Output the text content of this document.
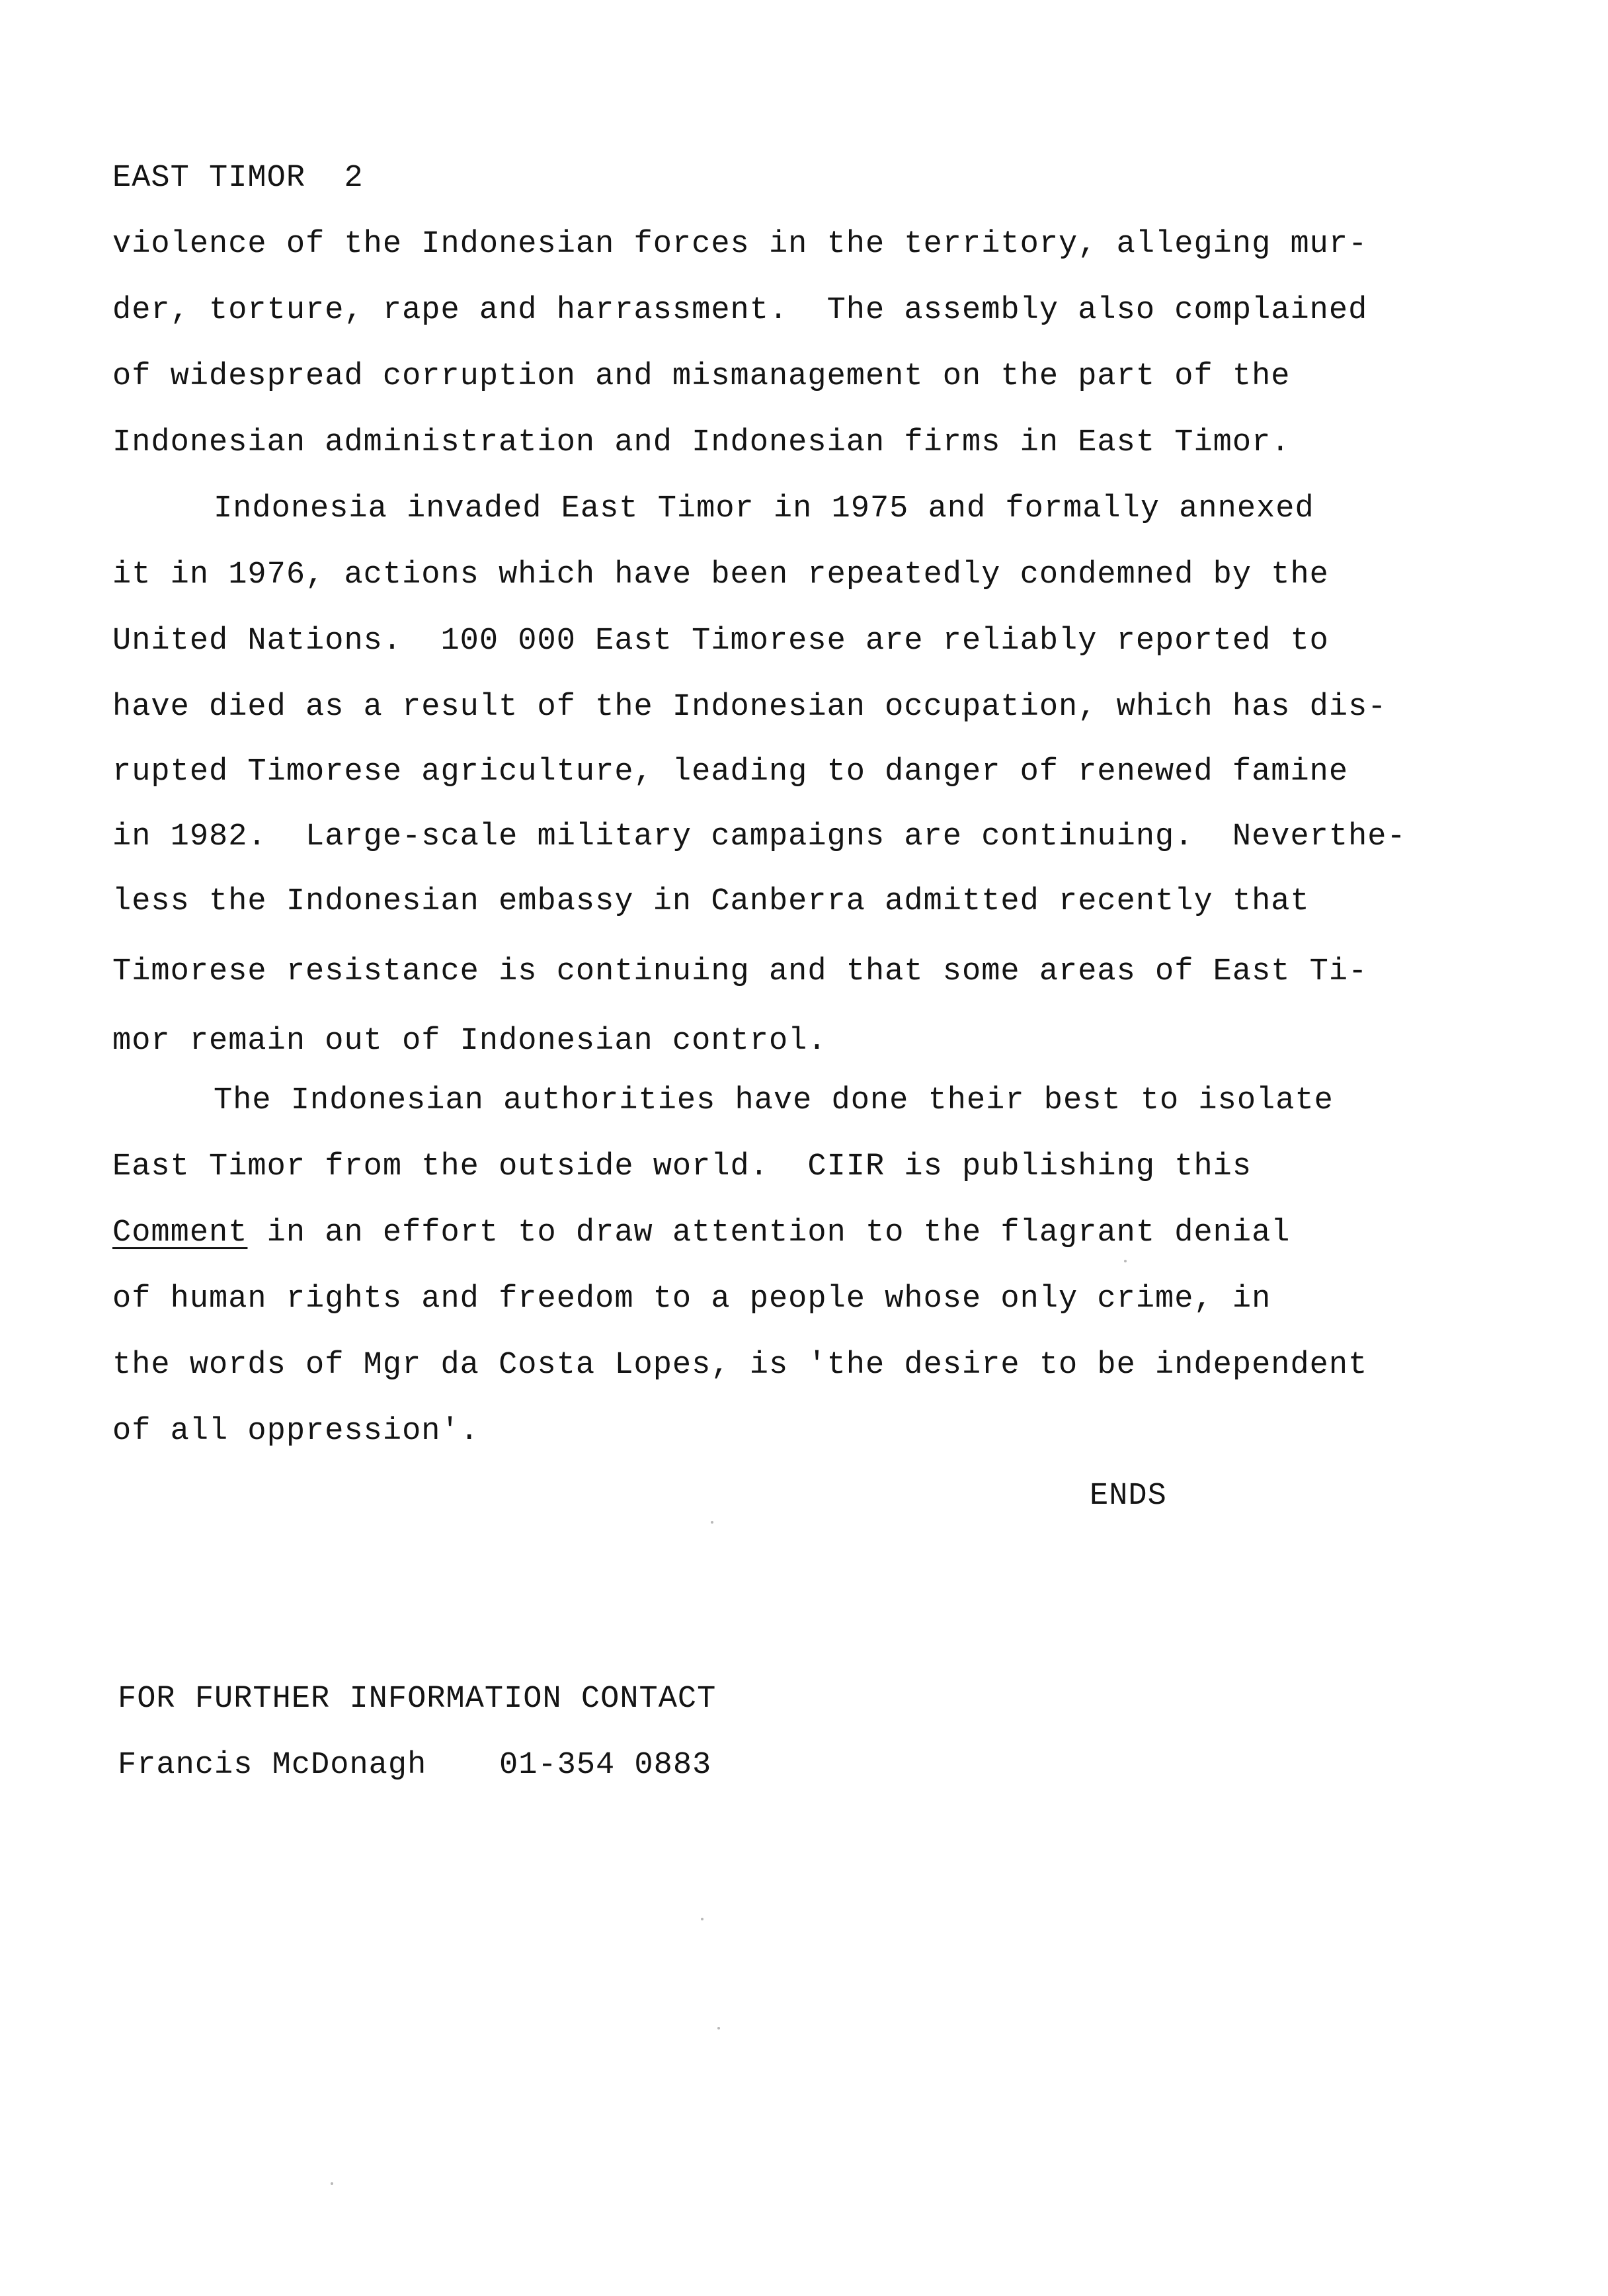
EAST TIMOR  2
violence of the Indonesian forces in the territory, alleging mur-
der, torture, rape and harrassment.  The assembly also complained
of widespread corruption and mismanagement on the part of the
Indonesian administration and Indonesian firms in East Timor.
Indonesia invaded East Timor in 1975 and formally annexed
it in 1976, actions which have been repeatedly condemned by the
United Nations.  100 000 East Timorese are reliably reported to
have died as a result of the Indonesian occupation, which has dis-
rupted Timorese agriculture, leading to danger of renewed famine
in 1982.  Large-scale military campaigns are continuing.  Neverthe-
less the Indonesian embassy in Canberra admitted recently that
Timorese resistance is continuing and that some areas of East Ti-
mor remain out of Indonesian control.
The Indonesian authorities have done their best to isolate
East Timor from the outside world.  CIIR is publishing this
Comment in an effort to draw attention to the flagrant denial
of human rights and freedom to a people whose only crime, in
the words of Mgr da Costa Lopes, is 'the desire to be independent
of all oppression'.
ENDS
FOR FURTHER INFORMATION CONTACT
Francis McDonagh 01-354 0883
